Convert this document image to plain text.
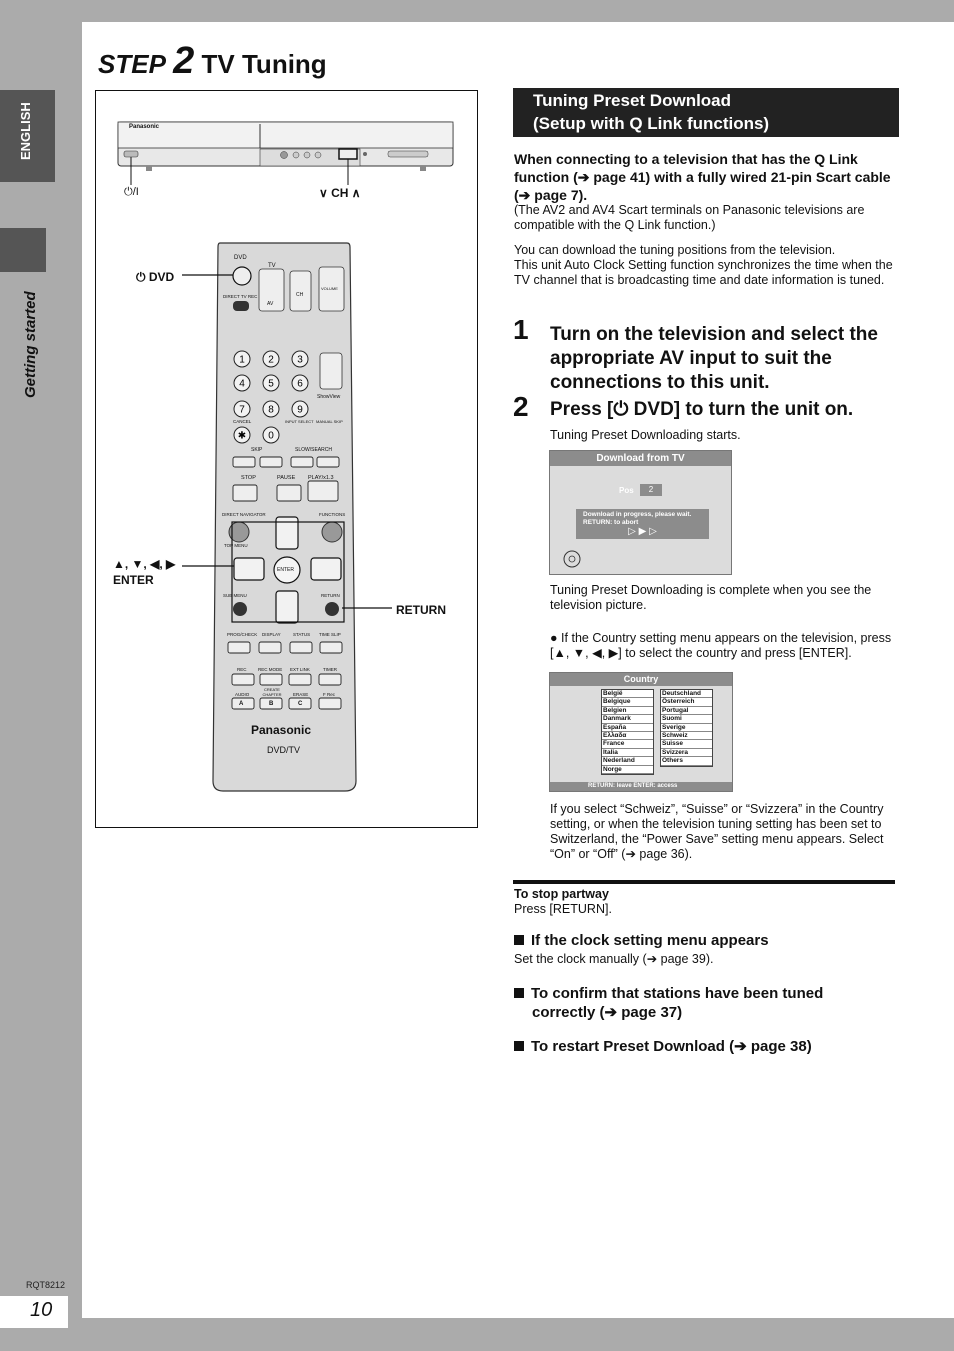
ENGLISH
Getting started
STEP 2 TV Tuning
1 2 3
4 5 6
7 8 9
✱ 0
⏻/I	∨ CH ∧
⏻ DVD
▲, ▼, ◀, ▶
ENTER
RETURN
Panasonic
Panasonic
DVD/TV
DVD
TV
DIRECT TV REC
AV
CH
VOLUME
ShowView
CANCEL	INPUT SELECT MANUAL SKIP
SKIP	SLOW/SEARCH
STOP	PAUSE PLAY/x1.3
DIRECT NAVIGATOR	FUNCTIONS
TOP MENU
ENTER
SUB MENU	RETURN
PROG/CHECK DISPLAY	STATUS TIME SLIP
REC	REC MODE EXT LINK	TIMER
AUDIO
CREATE CHAPTER	ERASE	F Rec
A	B	C
Tuning Preset Download
(Setup with Q Link functions)
When connecting to a television that has the Q Link function (➔ page 41) with a fully wired 21-pin Scart cable (➔ page 7).
(The AV2 and AV4 Scart terminals on Panasonic televisions are compatible with the Q Link function.)
You can download the tuning positions from the television.
This unit Auto Clock Setting function synchronizes the time when the TV channel that is broadcasting time and date information is tuned.
1 Turn on the television and select the appropriate AV input to suit the connections to this unit.
2 Press [⏻ DVD] to turn the unit on.
Tuning Preset Downloading starts.
Download from TV
Pos	2
Download in progress, please wait.
RETURN: to abort
▷ ▶ ▷
Tuning Preset Downloading is complete when you see the television picture.
● If the Country setting menu appears on the television, press [▲, ▼, ◀, ▶] to select the country and press [ENTER].
Country
België
Belgique
Belgien
Danmark
España
Ελλαδα
France
Italia
Nederland
Norge
Deutschland
Österreich
Portugal
Suomi
Sverige
Schweiz
Suisse
Svizzera
Others
RETURN: leave ENTER: access
If you select “Schweiz”, “Suisse” or “Svizzera” in the Country setting, or when the television tuning setting has been set to Switzerland, the “Power Save” setting menu appears. Select “On” or “Off” (➔ page 36).
To stop partway
Press [RETURN].
If the clock setting menu appears
Set the clock manually (➔ page 39).
To confirm that stations have been tuned correctly (➔ page 37)
To restart Preset Download (➔ page 38)
RQT8212
10
